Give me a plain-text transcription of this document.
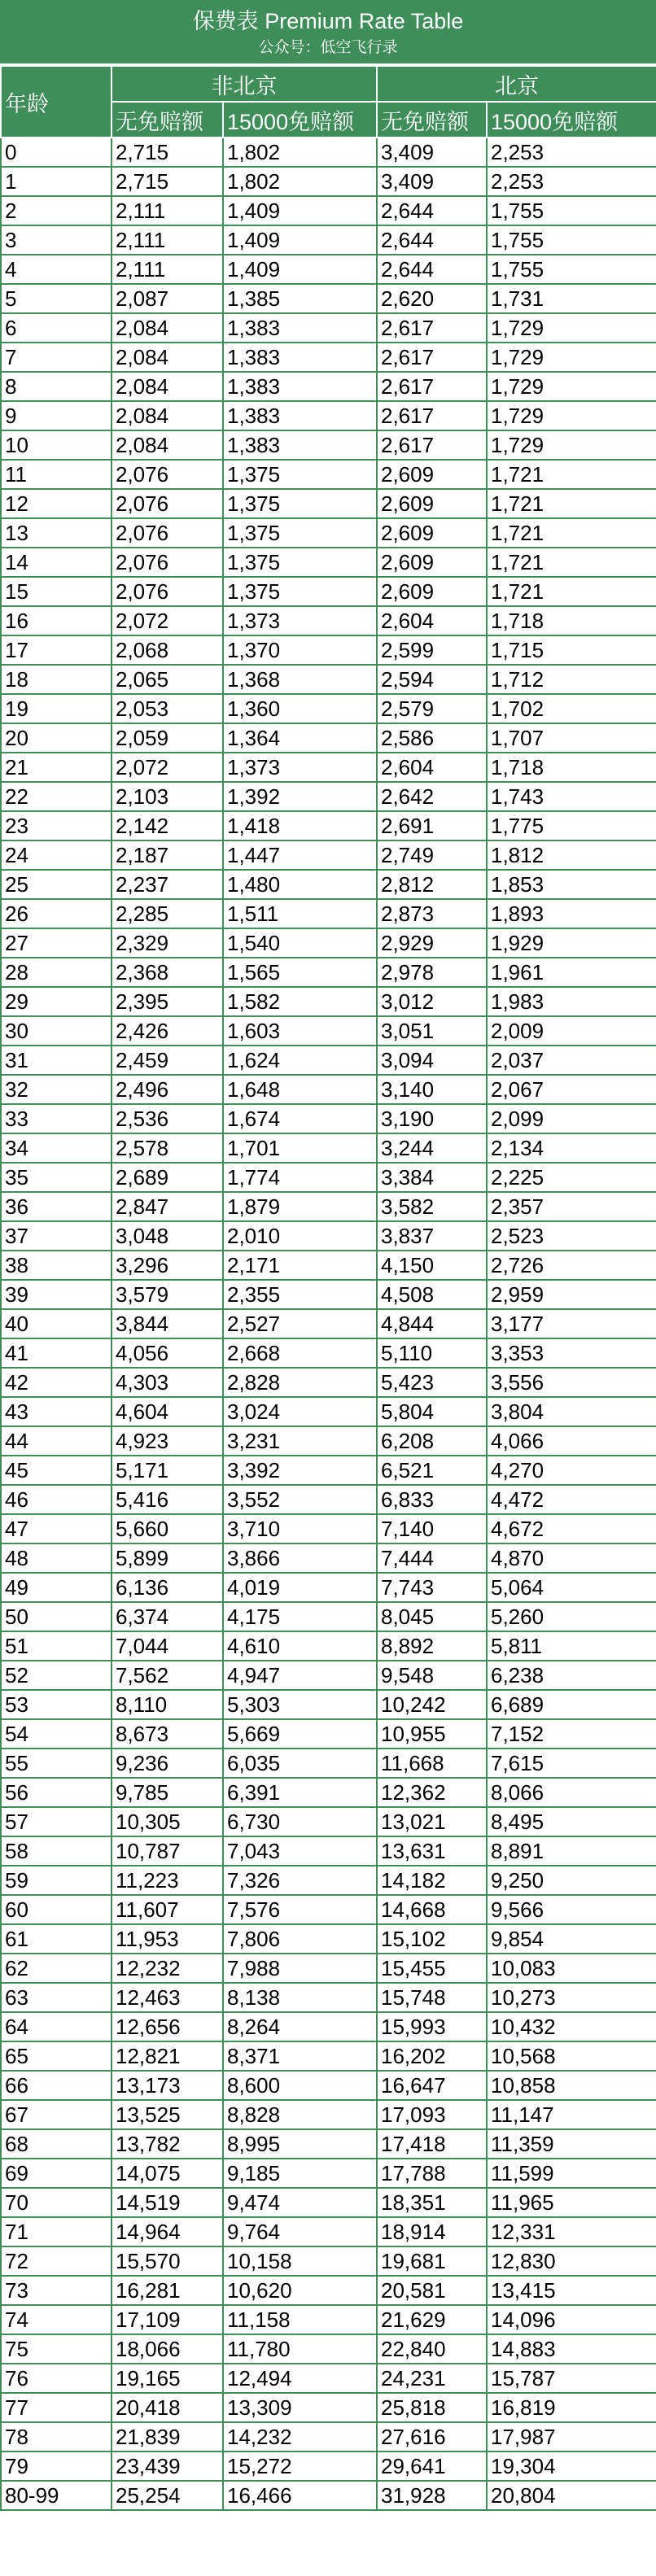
保费表 Premium Rate Table
公众号：低空飞行录
年龄	非北京		北京	
	无免赔额	15000免赔额	无免赔额	15000免赔额
0	2,715	1,802	3,409	2,253
1	2,715	1,802	3,409	2,253
2	2,111	1,409	2,644	1,755
3	2,111	1,409	2,644	1,755
4	2,111	1,409	2,644	1,755
5	2,087	1,385	2,620	1,731
6	2,084	1,383	2,617	1,729
7	2,084	1,383	2,617	1,729
8	2,084	1,383	2,617	1,729
9	2,084	1,383	2,617	1,729
10	2,084	1,383	2,617	1,729
11	2,076	1,375	2,609	1,721
12	2,076	1,375	2,609	1,721
13	2,076	1,375	2,609	1,721
14	2,076	1,375	2,609	1,721
15	2,076	1,375	2,609	1,721
16	2,072	1,373	2,604	1,718
17	2,068	1,370	2,599	1,715
18	2,065	1,368	2,594	1,712
19	2,053	1,360	2,579	1,702
20	2,059	1,364	2,586	1,707
21	2,072	1,373	2,604	1,718
22	2,103	1,392	2,642	1,743
23	2,142	1,418	2,691	1,775
24	2,187	1,447	2,749	1,812
25	2,237	1,480	2,812	1,853
26	2,285	1,511	2,873	1,893
27	2,329	1,540	2,929	1,929
28	2,368	1,565	2,978	1,961
29	2,395	1,582	3,012	1,983
30	2,426	1,603	3,051	2,009
31	2,459	1,624	3,094	2,037
32	2,496	1,648	3,140	2,067
33	2,536	1,674	3,190	2,099
34	2,578	1,701	3,244	2,134
35	2,689	1,774	3,384	2,225
36	2,847	1,879	3,582	2,357
37	3,048	2,010	3,837	2,523
38	3,296	2,171	4,150	2,726
39	3,579	2,355	4,508	2,959
40	3,844	2,527	4,844	3,177
41	4,056	2,668	5,110	3,353
42	4,303	2,828	5,423	3,556
43	4,604	3,024	5,804	3,804
44	4,923	3,231	6,208	4,066
45	5,171	3,392	6,521	4,270
46	5,416	3,552	6,833	4,472
47	5,660	3,710	7,140	4,672
48	5,899	3,866	7,444	4,870
49	6,136	4,019	7,743	5,064
50	6,374	4,175	8,045	5,260
51	7,044	4,610	8,892	5,811
52	7,562	4,947	9,548	6,238
53	8,110	5,303	10,242	6,689
54	8,673	5,669	10,955	7,152
55	9,236	6,035	11,668	7,615
56	9,785	6,391	12,362	8,066
57	10,305	6,730	13,021	8,495
58	10,787	7,043	13,631	8,891
59	11,223	7,326	14,182	9,250
60	11,607	7,576	14,668	9,566
61	11,953	7,806	15,102	9,854
62	12,232	7,988	15,455	10,083
63	12,463	8,138	15,748	10,273
64	12,656	8,264	15,993	10,432
65	12,821	8,371	16,202	10,568
66	13,173	8,600	16,647	10,858
67	13,525	8,828	17,093	11,147
68	13,782	8,995	17,418	11,359
69	14,075	9,185	17,788	11,599
70	14,519	9,474	18,351	11,965
71	14,964	9,764	18,914	12,331
72	15,570	10,158	19,681	12,830
73	16,281	10,620	20,581	13,415
74	17,109	11,158	21,629	14,096
75	18,066	11,780	22,840	14,883
76	19,165	12,494	24,231	15,787
77	20,418	13,309	25,818	16,819
78	21,839	14,232	27,616	17,987
79	23,439	15,272	29,641	19,304
80-99	25,254	16,466	31,928	20,804
